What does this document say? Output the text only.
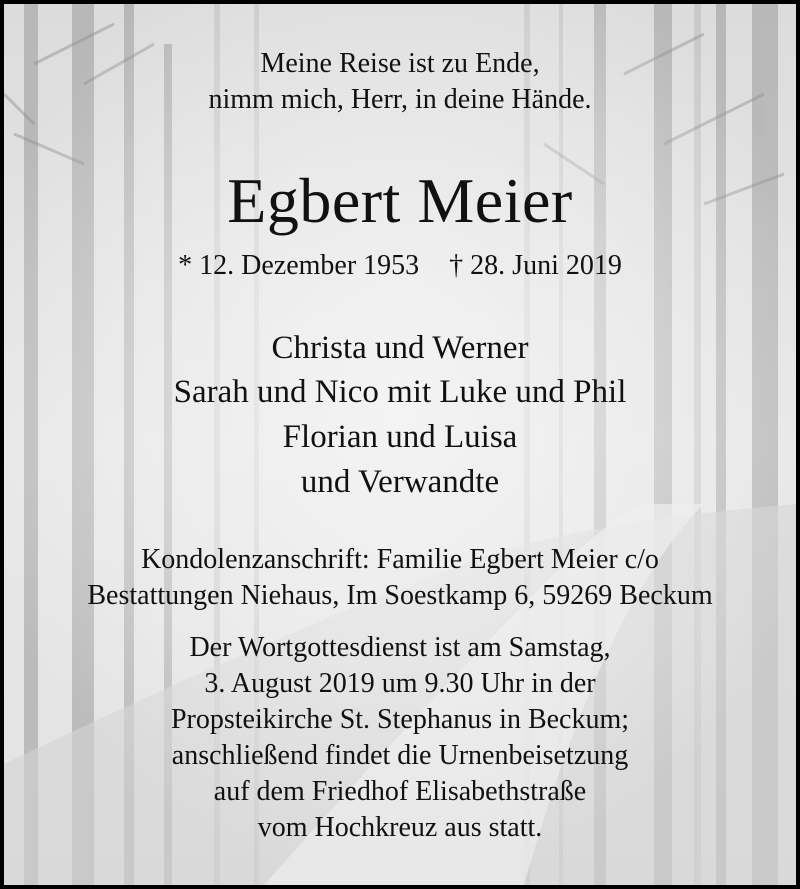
Meine Reise ist zu Ende,
nimm mich, Herr, in deine Hände.
Egbert Meier
* 12. Dezember 1953 † 28. Juni 2019
Christa und Werner
Sarah und Nico mit Luke und Phil
Florian und Luisa
und Verwandte
Kondolenzanschrift: Familie Egbert Meier c/o
Bestattungen Niehaus, Im Soestkamp 6, 59269 Beckum
Der Wortgottesdienst ist am Samstag,
3. August 2019 um 9.30 Uhr in der
Propsteikirche St. Stephanus in Beckum;
anschließend findet die Urnenbeisetzung
auf dem Friedhof Elisabethstraße
vom Hochkreuz aus statt.
